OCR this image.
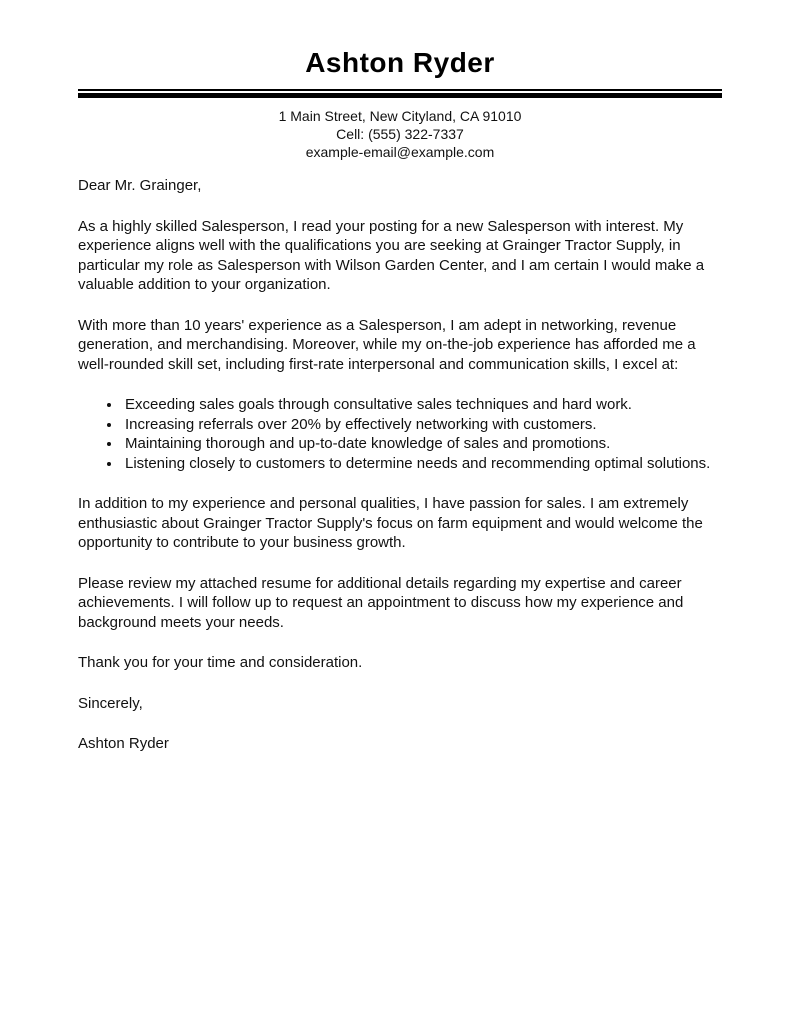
Ashton Ryder
1 Main Street, New Cityland, CA 91010
Cell: (555) 322-7337
example-email@example.com

Dear Mr. Grainger,

As a highly skilled Salesperson, I read your posting for a new Salesperson with interest. My experience aligns well with the qualifications you are seeking at Grainger Tractor Supply, in particular my role as Salesperson with Wilson Garden Center, and I am certain I would make a valuable addition to your organization.

With more than 10 years' experience as a Salesperson, I am adept in networking, revenue generation, and merchandising. Moreover, while my on-the-job experience has afforded me a well-rounded skill set, including first-rate interpersonal and communication skills, I excel at:

• Exceeding sales goals through consultative sales techniques and hard work.
• Increasing referrals over 20% by effectively networking with customers.
• Maintaining thorough and up-to-date knowledge of sales and promotions.
• Listening closely to customers to determine needs and recommending optimal solutions.

In addition to my experience and personal qualities, I have passion for sales. I am extremely enthusiastic about Grainger Tractor Supply's focus on farm equipment and would welcome the opportunity to contribute to your business growth.

Please review my attached resume for additional details regarding my expertise and career achievements. I will follow up to request an appointment to discuss how my experience and background meets your needs.

Thank you for your time and consideration.

Sincerely,

Ashton Ryder
